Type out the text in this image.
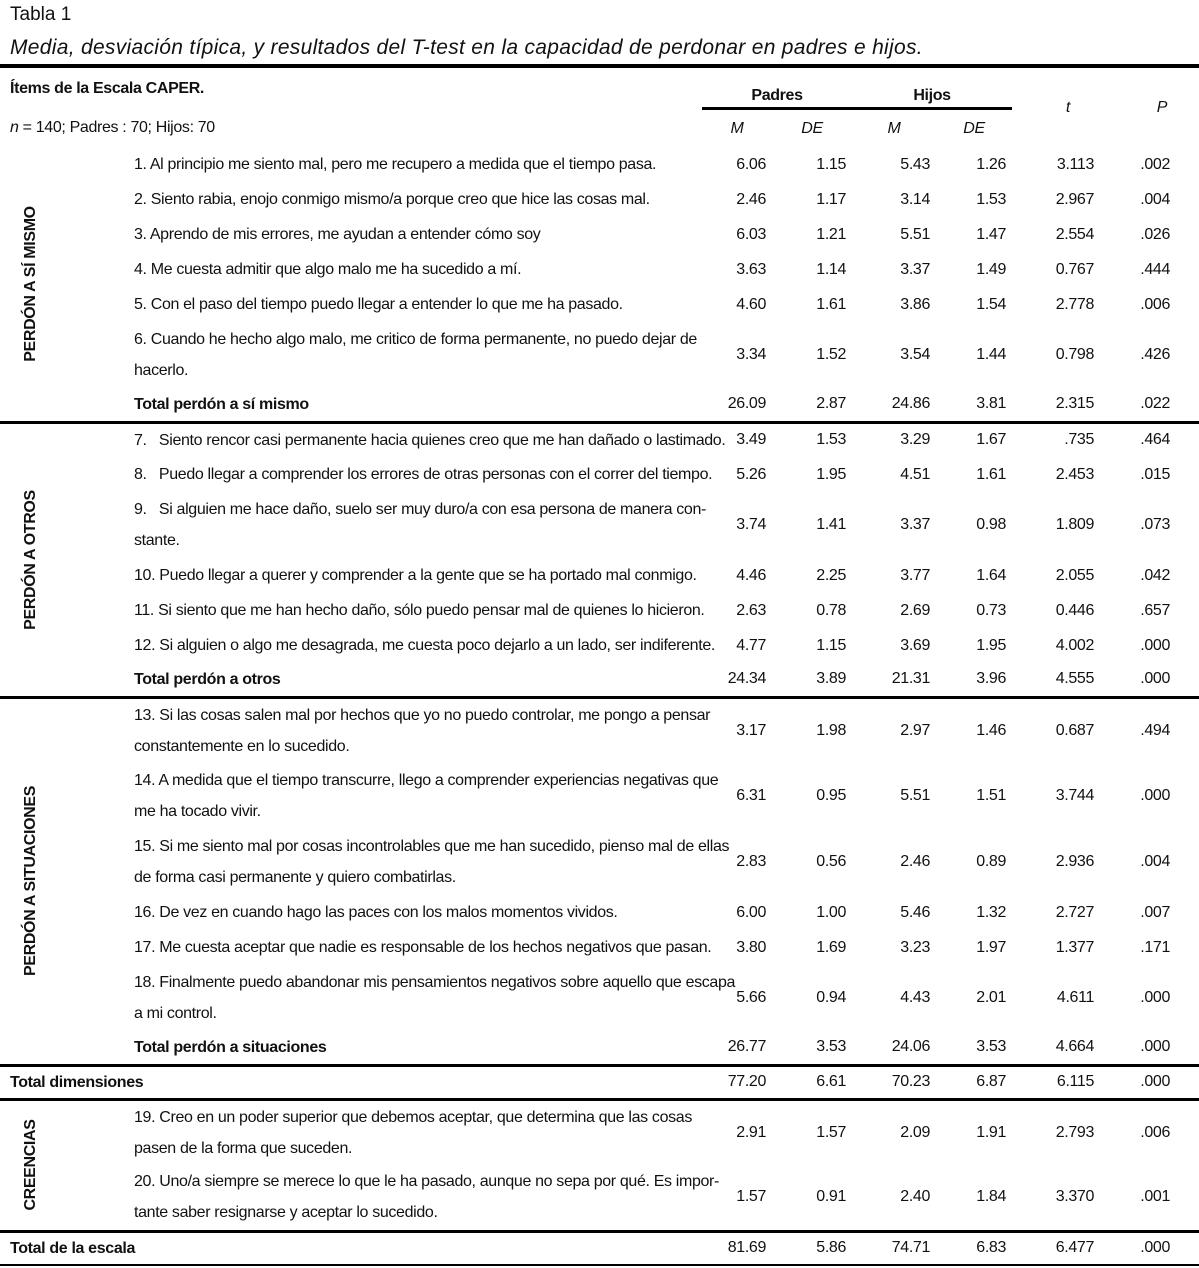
Tabla 1
Media, desviación típica, y resultados del T-test en la capacidad de perdonar en padres e hijos.
Ítems de la Escala CAPER.		Padres		Hijos		t	P
n = 140; Padres : 70; Hijos: 70		M	DE	M	DE		

PERDÓN A SÍ MISMO	1. Al principio me siento mal, pero me recupero a medida que el tiempo pasa.	6.06	1.15	5.43	1.26	3.113	.002
	2. Siento rabia, enojo conmigo mismo/a porque creo que hice las cosas mal.	2.46	1.17	3.14	1.53	2.967	.004
	3. Aprendo de mis errores, me ayudan a entender cómo soy	6.03	1.21	5.51	1.47	2.554	.026
	4. Me cuesta admitir que algo malo me ha sucedido a mí.	3.63	1.14	3.37	1.49	0.767	.444
	5. Con el paso del tiempo puedo llegar a entender lo que me ha pasado.	4.60	1.61	3.86	1.54	2.778	.006
	6. Cuando he hecho algo malo, me critico de forma permanente, no puedo dejar de
hacerlo.	3.34	1.52	3.54	1.44	0.798	.426
	Total perdón a sí mismo	26.09	2.87	24.86	3.81	2.315	.022

PERDÓN A OTROS	7.   Siento rencor casi permanente hacia quienes creo que me han dañado o lastimado.	3.49	1.53	3.29	1.67	.735	.464
	8.   Puedo llegar a comprender los errores de otras personas con el correr del tiempo.	5.26	1.95	4.51	1.61	2.453	.015
	9.   Si alguien me hace daño, suelo ser muy duro/a con esa persona de manera con-
stante.	3.74	1.41	3.37	0.98	1.809	.073
	10. Puedo llegar a querer y comprender a la gente que se ha portado mal conmigo.	4.46	2.25	3.77	1.64	2.055	.042
	11. Si siento que me han hecho daño, sólo puedo pensar mal de quienes lo hicieron.	2.63	0.78	2.69	0.73	0.446	.657
	12. Si alguien o algo me desagrada, me cuesta poco dejarlo a un lado, ser indiferente.	4.77	1.15	3.69	1.95	4.002	.000
	Total perdón a otros	24.34	3.89	21.31	3.96	4.555	.000

PERDÓN A SITUACIONES	13. Si las cosas salen mal por hechos que yo no puedo controlar, me pongo a pensar
constantemente en lo sucedido.	3.17	1.98	2.97	1.46	0.687	.494
	14. A medida que el tiempo transcurre, llego a comprender experiencias negativas que
me ha tocado vivir.	6.31	0.95	5.51	1.51	3.744	.000
	15. Si me siento mal por cosas incontrolables que me han sucedido, pienso mal de ellas
de forma casi permanente y quiero combatirlas.	2.83	0.56	2.46	0.89	2.936	.004
	16. De vez en cuando hago las paces con los malos momentos vividos.	6.00	1.00	5.46	1.32	2.727	.007
	17. Me cuesta aceptar que nadie es responsable de los hechos negativos que pasan.	3.80	1.69	3.23	1.97	1.377	.171
	18. Finalmente puedo abandonar mis pensamientos negativos sobre aquello que escapa
a mi control.	5.66	0.94	4.43	2.01	4.611	.000
	Total perdón a situaciones	26.77	3.53	24.06	3.53	4.664	.000
Total dimensiones		77.20	6.61	70.23	6.87	6.115	.000

CREENCIAS	19. Creo en un poder superior que debemos aceptar, que determina que las cosas
pasen de la forma que suceden.	2.91	1.57	2.09	1.91	2.793	.006
	20. Uno/a siempre se merece lo que le ha pasado, aunque no sepa por qué. Es impor-
tante saber resignarse y aceptar lo sucedido.	1.57	0.91	2.40	1.84	3.370	.001
Total de la escala		81.69	5.86	74.71	6.83	6.477	.000
